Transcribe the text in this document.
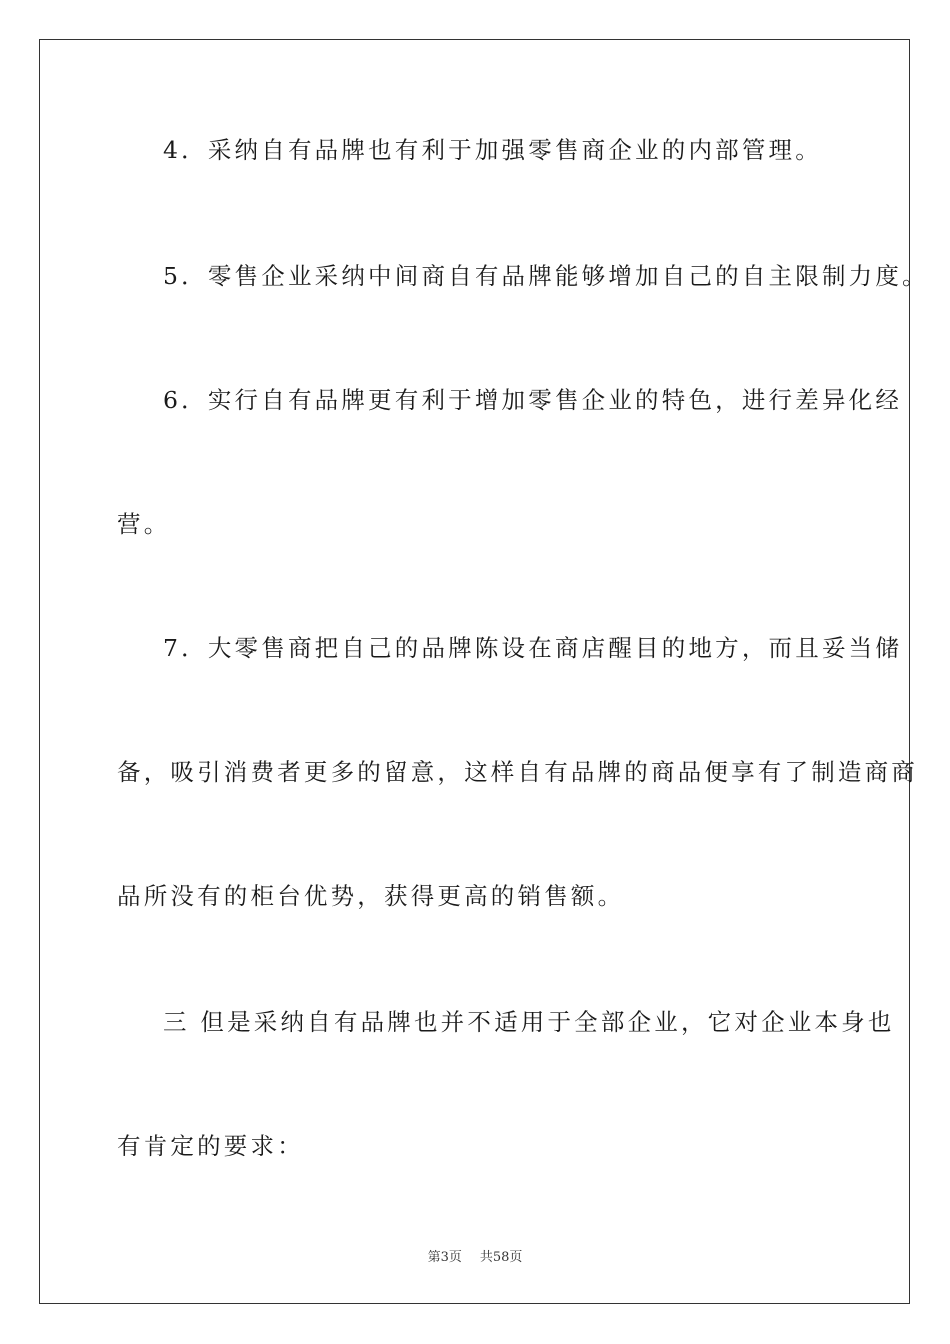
4．采纳自有品牌也有利于加强零售商企业的内部管理。
5．零售企业采纳中间商自有品牌能够增加自己的自主限制力度。
6．实行自有品牌更有利于增加零售企业的特色，进行差异化经
营。
7．大零售商把自己的品牌陈设在商店醒目的地方，而且妥当储
备，吸引消费者更多的留意，这样自有品牌的商品便享有了制造商商
品所没有的柜台优势，获得更高的销售额。
三 但是采纳自有品牌也并不适用于全部企业，它对企业本身也
有肯定的要求：
第3页 共58页
